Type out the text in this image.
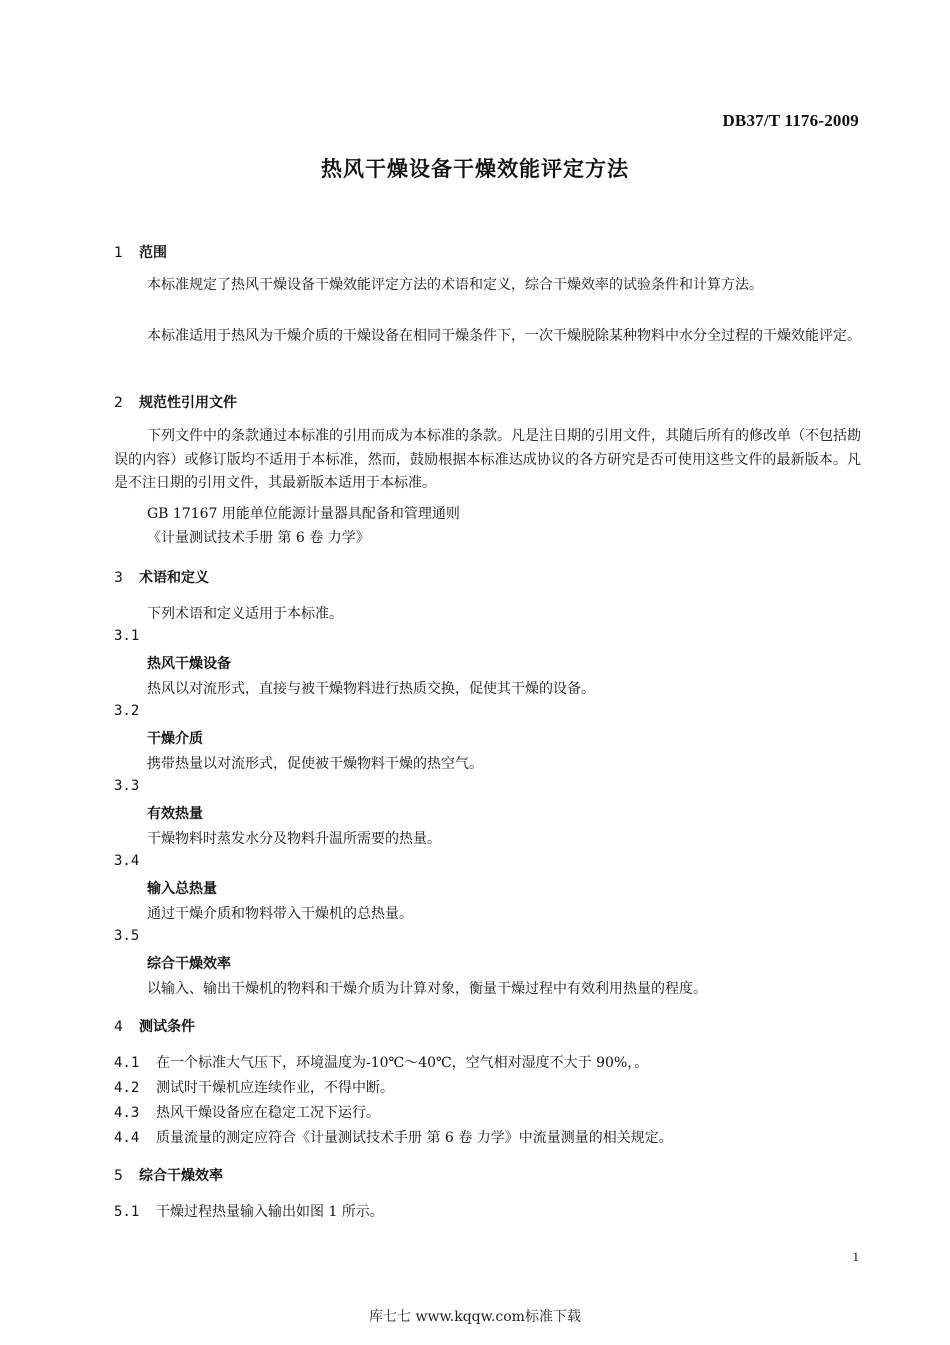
DB37/T 1176-2009
热风干燥设备干燥效能评定方法
1 范围
本标准规定了热风干燥设备干燥效能评定方法的术语和定义，综合干燥效率的试验条件和计算方法。
本标准适用于热风为干燥介质的干燥设备在相同干燥条件下，一次干燥脱除某种物料中水分全过程的干燥效能评定。
2 规范性引用文件
下列文件中的条款通过本标准的引用而成为本标准的条款。凡是注日期的引用文件，其随后所有的修改单（不包括勘误的内容）或修订版均不适用于本标准，然而，鼓励根据本标准达成协议的各方研究是否可使用这些文件的最新版本。凡是不注日期的引用文件，其最新版本适用于本标准。
GB 17167 用能单位能源计量器具配备和管理通则
《计量测试技术手册 第 6 卷 力学》
3 术语和定义
下列术语和定义适用于本标准。
3.1
热风干燥设备
热风以对流形式，直接与被干燥物料进行热质交换，促使其干燥的设备。
3.2
干燥介质
携带热量以对流形式，促使被干燥物料干燥的热空气。
3.3
有效热量
干燥物料时蒸发水分及物料升温所需要的热量。
3.4
输入总热量
通过干燥介质和物料带入干燥机的总热量。
3.5
综合干燥效率
以输入、输出干燥机的物料和干燥介质为计算对象，衡量干燥过程中有效利用热量的程度。
4 测试条件
4.1 在一个标准大气压下，环境温度为-10℃～40℃，空气相对湿度不大于 90%，。
4.2 测试时干燥机应连续作业，不得中断。
4.3 热风干燥设备应在稳定工况下运行。
4.4 质量流量的测定应符合《计量测试技术手册 第 6 卷 力学》中流量测量的相关规定。
5 综合干燥效率
5.1 干燥过程热量输入输出如图 1 所示。
1
库七七 www.kqqw.com标准下载
